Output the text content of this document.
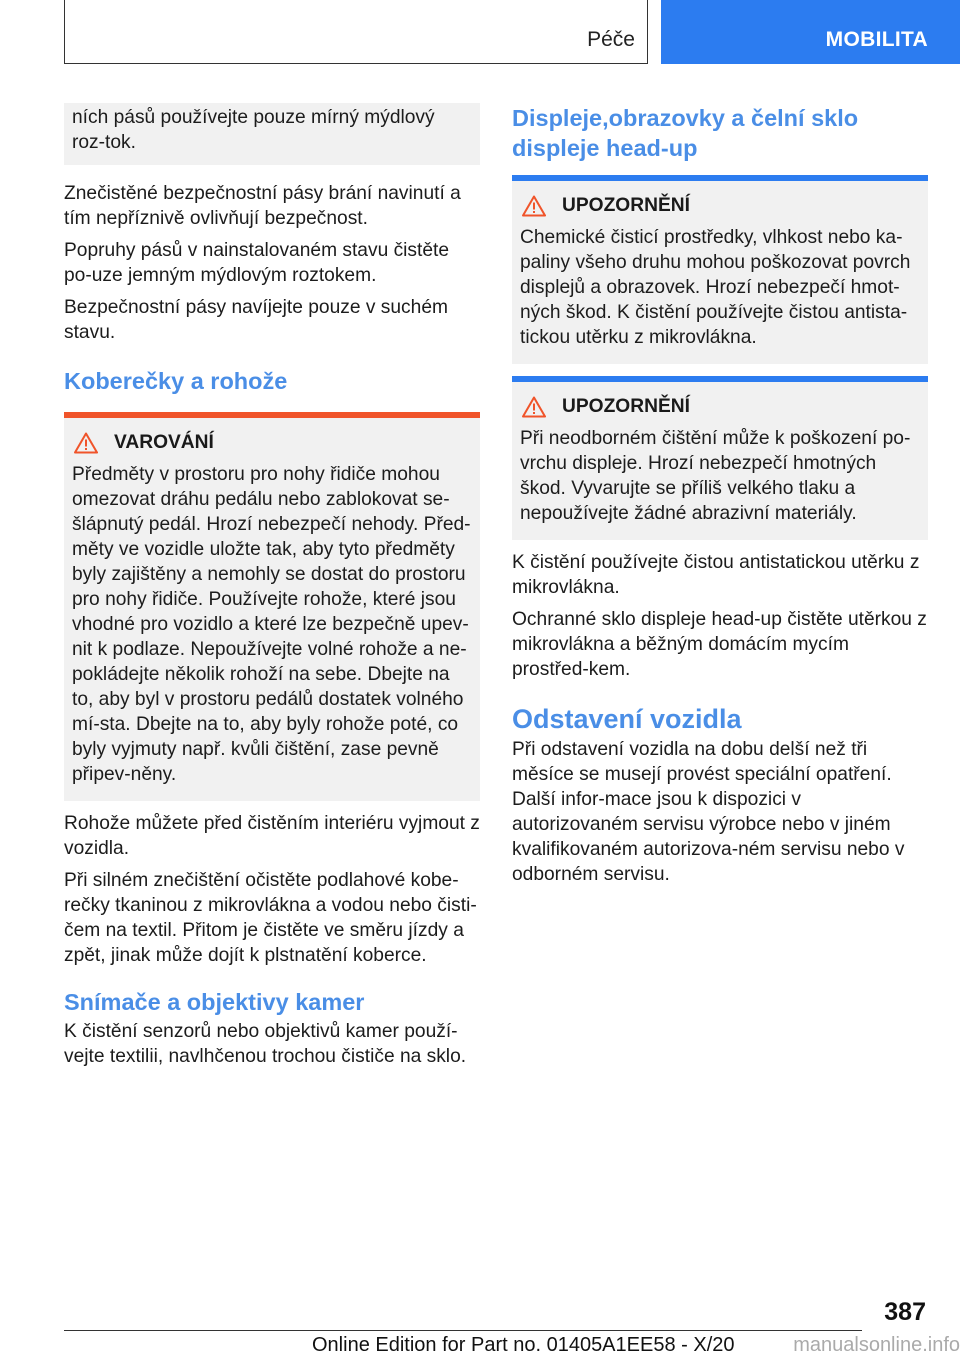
Péče	MOBILITA
ních pásů používejte pouze mírný mýdlový roz-tok.

Znečistěné bezpečnostní pásy brání navinutí a tím nepříznivě ovlivňují bezpečnost.

Popruhy pásů v nainstalovaném stavu čistěte po-uze jemným mýdlovým roztokem.

Bezpečnostní pásy navíjejte pouze v suchém stavu.

Koberečky a rohože
VAROVÁNÍ
Předměty v prostoru pro nohy řidiče mohou omezovat dráhu pedálu nebo zablokovat se-šlápnutý pedál. Hrozí nebezpečí nehody. Před-měty ve vozidle uložte tak, aby tyto předměty byly zajištěny a nemohly se dostat do prostoru pro nohy řidiče. Používejte rohože, které jsou vhodné pro vozidlo a které lze bezpečně upev-nit k podlaze. Nepoužívejte volné rohože a ne-pokládejte několik rohoží na sebe. Dbejte na to, aby byl v prostoru pedálů dostatek volného mí-sta. Dbejte na to, aby byly rohože poté, co byly vyjmuty např. kvůli čištění, zase pevně připev-něny.

Rohože můžete před čistěním interiéru vyjmout z vozidla.

Při silném znečištění očistěte podlahové kobe-rečky tkaninou z mikrovlákna a vodou nebo čisti-čem na textil. Přitom je čistěte ve směru jízdy a zpět, jinak může dojít k plstnatění koberce.

Snímače a objektivy kamer

K čistění senzorů nebo objektivů kamer použí-vejte textilii, navlhčenou trochou čističe na sklo.

Displeje,obrazovky a čelní sklo displeje head-up
UPOZORNĚNÍ
Chemické čisticí prostředky, vlhkost nebo ka-paliny všeho druhu mohou poškozovat povrch displejů a obrazovek. Hrozí nebezpečí hmot-ných škod. K čistění používejte čistou antista-tickou utěrku z mikrovlákna.
UPOZORNĚNÍ
Při neodborném čištění může k poškození po-vrchu displeje. Hrozí nebezpečí hmotných škod. Vyvarujte se příliš velkého tlaku a nepoužívejte žádné abrazivní materiály.

K čistění používejte čistou antistatickou utěrku z mikrovlákna.

Ochranné sklo displeje head-up čistěte utěrkou z mikrovlákna a běžným domácím mycím prostřed-kem.

Odstavení vozidla

Při odstavení vozidla na dobu delší než tři měsíce se musejí provést speciální opatření. Další infor-mace jsou k dispozici v autorizovaném servisu výrobce nebo v jiném kvalifikovaném autorizova-ném servisu nebo v odborném servisu.

387
Online Edition for Part no. 01405A1EE58 - X/20	manualsonline.info
